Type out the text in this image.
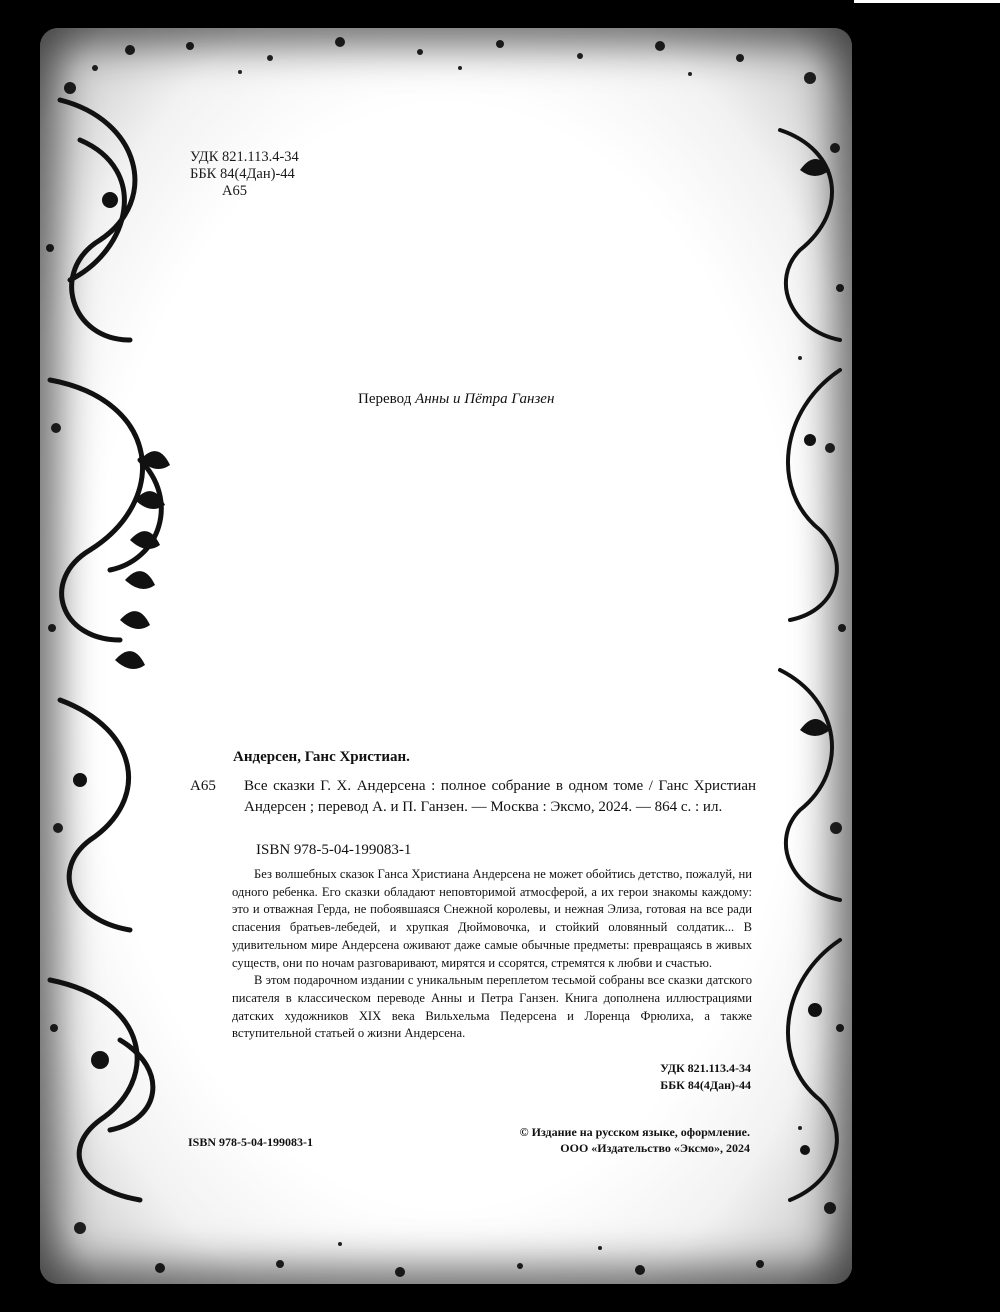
УДК 821.113.4-34
ББК 84(4Дан)-44
А65
Перевод Анны и Пётра Ганзен
Андерсен, Ганс Христиан.
А65 Все сказки Г. Х. Андерсена : полное собрание в одном томе / Ганс Христиан Андерсен ; перевод А. и П. Ганзен. — Москва : Эксмо, 2024. — 864 с. : ил.
ISBN 978-5-04-199083-1

Без волшебных сказок Ганса Христиана Андерсена не может обойтись детство, пожалуй, ни одного ребенка. Его сказки обладают неповторимой атмосферой, а их герои знакомы каждому: это и отважная Герда, не побоявшаяся Снежной королевы, и нежная Элиза, готовая на все ради спасения братьев-лебедей, и хрупкая Дюймовочка, и стойкий оловянный солдатик... В удивительном мире Андерсена оживают даже самые обычные предметы: превращаясь в живых существ, они по ночам разговаривают, мирятся и ссорятся, стремятся к любви и счастью.

В этом подарочном издании с уникальным переплетом тесьмой собраны все сказки датского писателя в классическом переводе Анны и Петра Ганзен. Книга дополнена иллюстрациями датских художников XIX века Вильхельма Педерсена и Лоренца Фрюлиха, а также вступительной статьей о жизни Андерсена.

УДК 821.113.4-34
ББК 84(4Дан)-44
ISBN 978-5-04-199083-1
© Издание на русском языке, оформление.
ООО «Издательство «Эксмо», 2024
